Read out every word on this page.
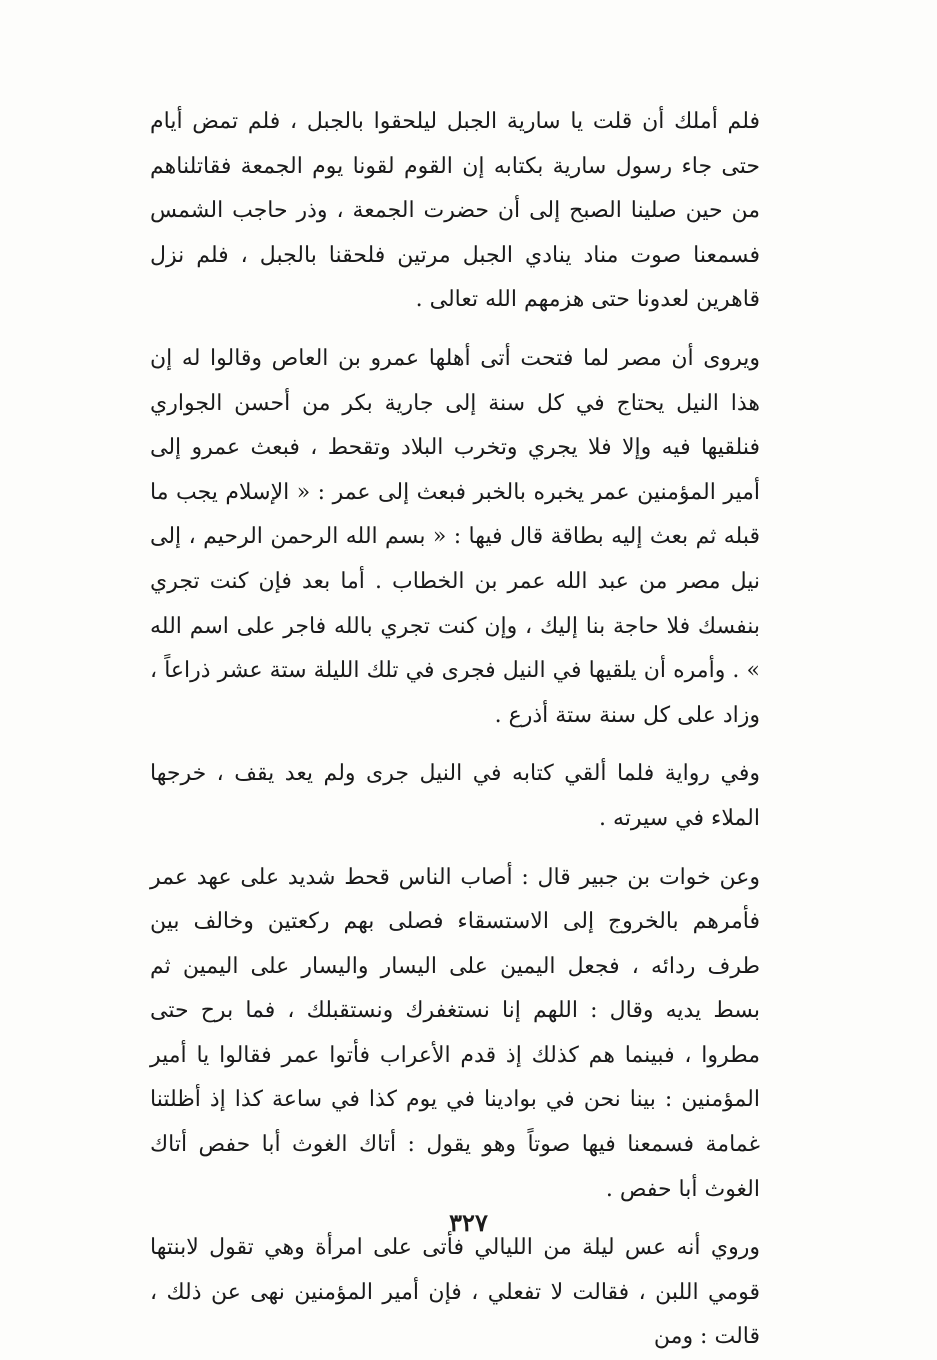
فلم أملك أن قلت يا سارية الجبل ليلحقوا بالجبل ، فلم تمض أيام حتى جاء رسول سارية بكتابه إن القوم لقونا يوم الجمعة فقاتلناهم من حين صلينا الصبح إلى أن حضرت الجمعة ، وذر حاجب الشمس فسمعنا صوت مناد ينادي الجبل مرتين فلحقنا بالجبل ، فلم نزل قاهرين لعدونا حتى هزمهم الله تعالى .

ويروى أن مصر لما فتحت أتى أهلها عمرو بن العاص وقالوا له إن هذا النيل يحتاج في كل سنة إلى جارية بكر من أحسن الجواري فنلقيها فيه وإلا فلا يجري وتخرب البلاد وتقحط ، فبعث عمرو إلى أمير المؤمنين عمر يخبره بالخبر فبعث إلى عمر : « الإسلام يجب ما قبله ثم بعث إليه بطاقة قال فيها : « بسم الله الرحمن الرحيم ، إلى نيل مصر من عبد الله عمر بن الخطاب . أما بعد فإن كنت تجري بنفسك فلا حاجة بنا إليك ، وإن كنت تجري بالله فاجر على اسم الله » . وأمره أن يلقيها في النيل فجرى في تلك الليلة ستة عشر ذراعاً ، وزاد على كل سنة ستة أذرع .

وفي رواية فلما ألقي كتابه في النيل جرى ولم يعد يقف ، خرجها الملاء في سيرته .

وعن خوات بن جبير قال : أصاب الناس قحط شديد على عهد عمر فأمرهم بالخروج إلى الاستسقاء فصلى بهم ركعتين وخالف بين طرف ردائه ، فجعل اليمين على اليسار واليسار على اليمين ثم بسط يديه وقال : اللهم إنا نستغفرك ونستقبلك ، فما برح حتى مطروا ، فبينما هم كذلك إذ قدم الأعراب فأتوا عمر فقالوا يا أمير المؤمنين : بينا نحن في بوادينا في يوم كذا في ساعة كذا إذ أظلتنا غمامة فسمعنا فيها صوتاً وهو يقول : أتاك الغوث أبا حفص أتاك الغوث أبا حفص .

وروي أنه عس ليلة من الليالي فأتى على امرأة وهي تقول لابنتها قومي اللبن ، فقالت لا تفعلي ، فإن أمير المؤمنين نهى عن ذلك ، قالت : ومن

٣٢٧
